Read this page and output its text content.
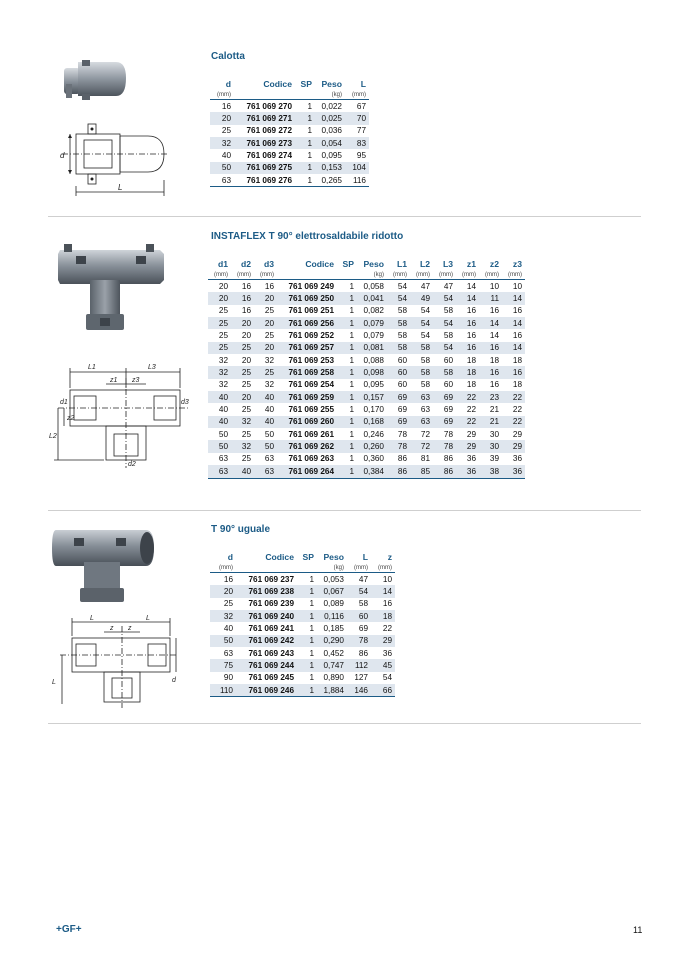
Calotta
d
L
d	Codice	SP	Peso	L
(mm)			(kg)	(mm)
16	761 069 270	1	0,022	67
20	761 069 271	1	0,025	70
25	761 069 272	1	0,036	77
32	761 069 273	1	0,054	83
40	761 069 274	1	0,095	95
50	761 069 275	1	0,153	104
63	761 069 276	1	0,265	116
INSTAFLEX T 90° elettrosaldabile ridotto
L1	L3
z1 z3
L2
z2
d2
d1	d3
d1	d2	d3	Codice	SP	Peso	L1	L2	L3	z1	z2	z3
(mm)	(mm)	(mm)			(kg)	(mm)	(mm)	(mm)	(mm)	(mm)	(mm)
20	16	16	761 069 249	1	0,058	54	47	47	14	10	10
20	16	20	761 069 250	1	0,041	54	49	54	14	11	14
25	16	25	761 069 251	1	0,082	58	54	58	16	16	16
25	20	20	761 069 256	1	0,079	58	54	54	16	14	14
25	20	25	761 069 252	1	0,079	58	54	58	16	14	16
25	25	20	761 069 257	1	0,081	58	58	54	16	16	14
32	20	32	761 069 253	1	0,088	60	58	60	18	18	18
32	25	25	761 069 258	1	0,098	60	58	58	18	16	16
32	25	32	761 069 254	1	0,095	60	58	60	18	16	18
40	20	40	761 069 259	1	0,157	69	63	69	22	23	22
40	25	40	761 069 255	1	0,170	69	63	69	22	21	22
40	32	40	761 069 260	1	0,168	69	63	69	22	21	22
50	25	50	761 069 261	1	0,246	78	72	78	29	30	29
50	32	50	761 069 262	1	0,260	78	72	78	29	30	29
63	25	63	761 069 263	1	0,360	86	81	86	36	39	36
63	40	63	761 069 264	1	0,384	86	85	86	36	38	36
T 90° uguale
L	L
z z
L	d
d	Codice	SP	Peso	L	z
(mm)			(kg)	(mm)	(mm)
16	761 069 237	1	0,053	47	10
20	761 069 238	1	0,067	54	14
25	761 069 239	1	0,089	58	16
32	761 069 240	1	0,116	60	18
40	761 069 241	1	0,185	69	22
50	761 069 242	1	0,290	78	29
63	761 069 243	1	0,452	86	36
75	761 069 244	1	0,747	112	45
90	761 069 245	1	0,890	127	54
110	761 069 246	1	1,884	146	66
+GF+	11
